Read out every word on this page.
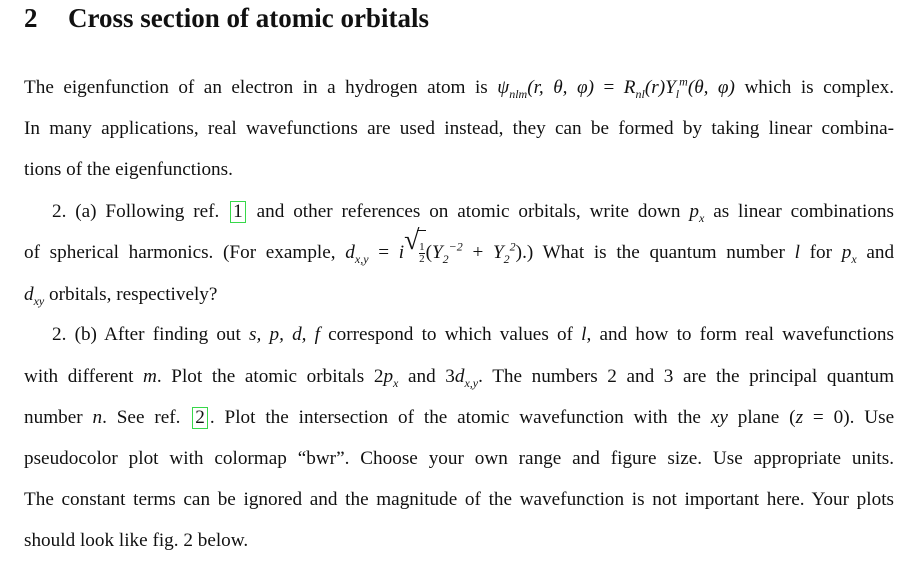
2 Cross section of atomic orbitals
The eigenfunction of an electron in a hydrogen atom is $\psi_{nlm}(r$, θ, $\varphi) = R_{nl}(r)Y_l^m(\theta$, φ) which is complex.
In many applications, real wavefunctions are used instead, they can be formed by taking linear combina-
tions of the eigenfunctions.
2. (a) Following ref. 1 and other references on atomic orbitals, write down $p_x$ as linear combinations
of spherical harmonics. (For example, $d_{x,y} = i$ √ $\frac{1}{2} (Y_2^{-2} + Y_2^2)$.) What is the quantum number l for $p_x$ and
$d_{xy}$ orbitals, respectively?
2. (b) After finding out s, p, d, f correspond to which values of l, and how to form real wavefunctions
with different m. Plot the atomic orbitals $2p_x$ and $3d_{x,y}$. The numbers 2 and 3 are the principal quantum
number n. See ref. 2 . Plot the intersection of the atomic wavefunction with the xy plane (z = 0). Use
pseudocolor plot with colormap “bwr”. Choose your own range and figure size. Use appropriate units.
The constant terms can be ignored and the magnitude of the wavefunction is not important here. Your plots
should look like fig. 2 below.
